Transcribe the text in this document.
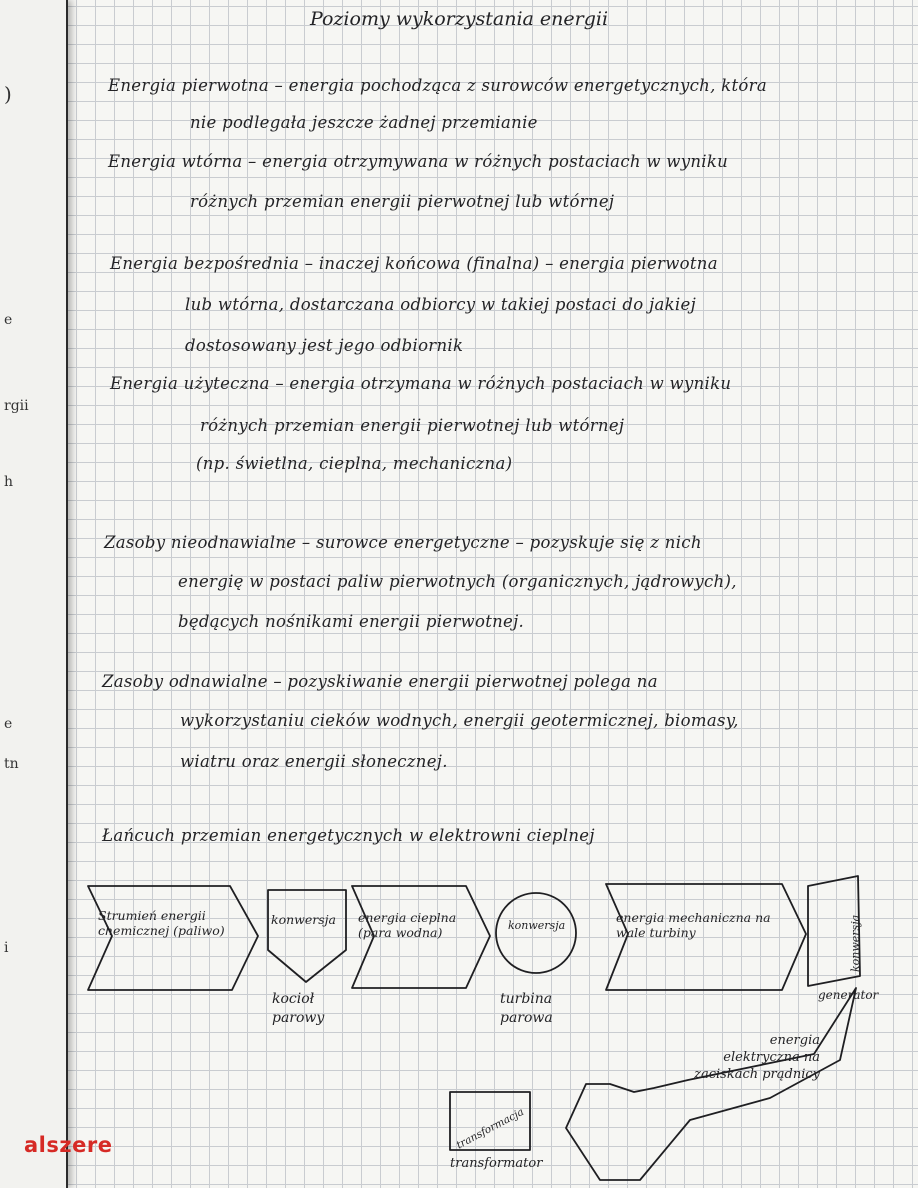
)
e
rgii
h
e
tn
i
Poziomy wykorzystania energii
Energia pierwotna – energia pochodząca z surowców energetycznych, która
nie podlegała jeszcze żadnej przemianie
Energia wtórna – energia otrzymywana w różnych postaciach w wyniku
różnych przemian energii pierwotnej lub wtórnej
Energia bezpośrednia – inaczej końcowa (finalna) – energia pierwotna
lub wtórna, dostarczana odbiorcy w takiej postaci do jakiej
dostosowany jest jego odbiornik
Energia użyteczna – energia otrzymana w różnych postaciach w wyniku
różnych przemian energii pierwotnej lub wtórnej
(np. świetlna, cieplna, mechaniczna)
Zasoby nieodnawialne – surowce energetyczne – pozyskuje się z nich
energię w postaci paliw pierwotnych (organicznych, jądrowych),
będących nośnikami energii pierwotnej.
Zasoby odnawialne – pozyskiwanie energii pierwotnej polega na
wykorzystaniu cieków wodnych, energii geotermicznej, biomasy,
wiatru oraz energii słonecznej.
Łańcuch przemian energetycznych w elektrowni cieplnej
Strumień energii chemicznej (paliwo)
konwersja
kocioł parowy
energia cieplna (para wodna)	konwersja
turbina parowa
energia mechaniczna na wale turbiny	konwersja
generator
energia elektryczna na zaciskach prądnicy
transformacja
transformator
alszere
